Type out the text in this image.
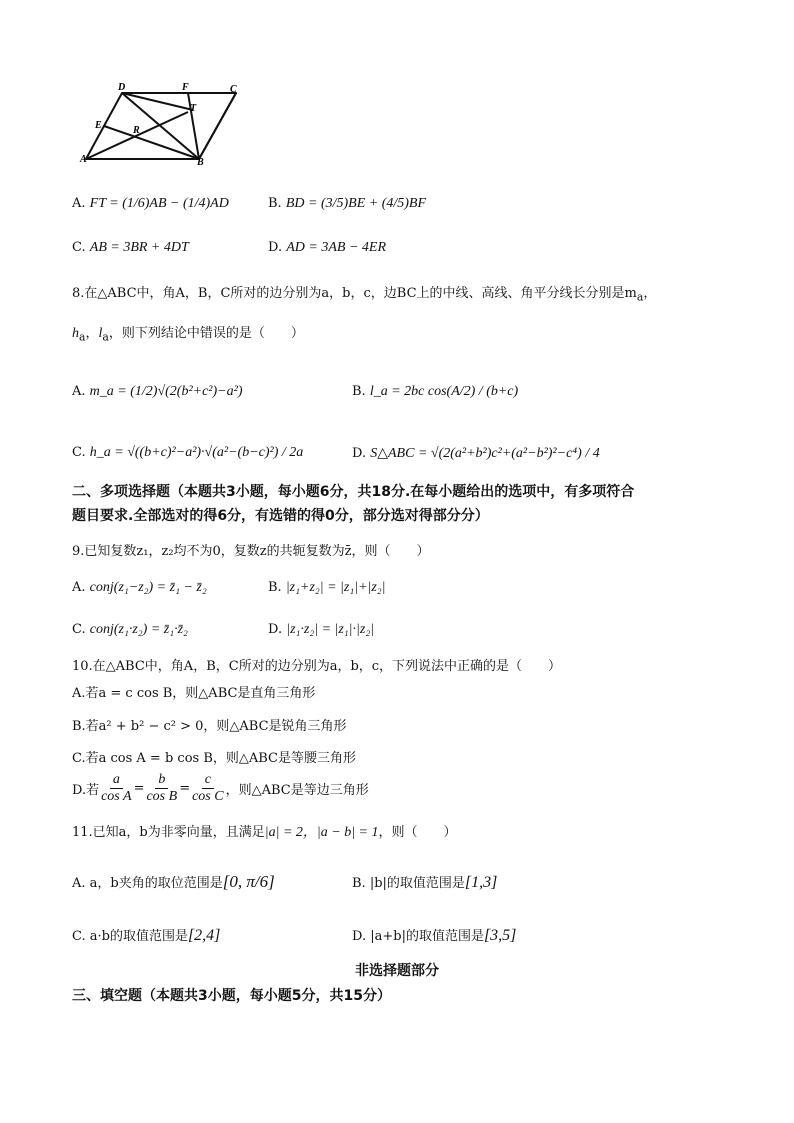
D	F	C
T
E	R
A	B
A. FT = (1/6)AB − (1/4)AD	B. BD = (3/5)BE + (4/5)BF
C. AB = 3BR + 4DT	D. AD = 3AB − 4ER
8.在△ABC中，角A，B，C所对的边分别为a，b，c，边BC上的中线、高线、角平分线长分别是$m_a$，
$h_a$，$l_a$，则下列结论中错误的是（　　）
A. m_a = (1/2)√(2(b²+c²)−a²)	B. l_a = 2bc cos(A/2) / (b+c)
C. h_a = √((b+c)²−a²)·√(a²−(b−c)²) / 2a	D. S△ABC = √(2(a²+b²)c²+(a²−b²)²−c⁴) / 4
二、多项选择题（本题共3小题，每小题6分，共18分.在每小题给出的选项中，有多项符合
题目要求.全部选对的得6分，有选错的得0分，部分选对得部分分）
9.已知复数z₁，z₂均不为0，复数z的共轭复数为z̄，则（　　）
A. conj(z₁−z₂) = z̄₁ − z̄₂	B. |z₁+z₂| = |z₁|+|z₂|
C. conj(z₁·z₂) = z̄₁·z̄₂	D. |z₁·z₂| = |z₁|·|z₂|
10.在△ABC中，角A，B，C所对的边分别为a，b，c，下列说法中正确的是（　　）
A.若a = c cos B，则△ABC是直角三角形
B.若a² + b² − c² > 0，则△ABC是锐角三角形
C.若a cos A = b cos B，则△ABC是等腰三角形
D.若
a
cos A
=
b
cos B
=
c
cos C ，则△ABC是等边三角形
11.已知a，b为非零向量，且满足|a| = 2，|a − b| = 1，则（　　）
A. a，b夹角的取位范围是[0, π/6]	B. |b|的取值范围是[1,3]
C. a·b的取值范围是[2,4]	D. |a+b|的取值范围是[3,5]
非选择题部分
三、填空题（本题共3小题，每小题5分，共15分）
